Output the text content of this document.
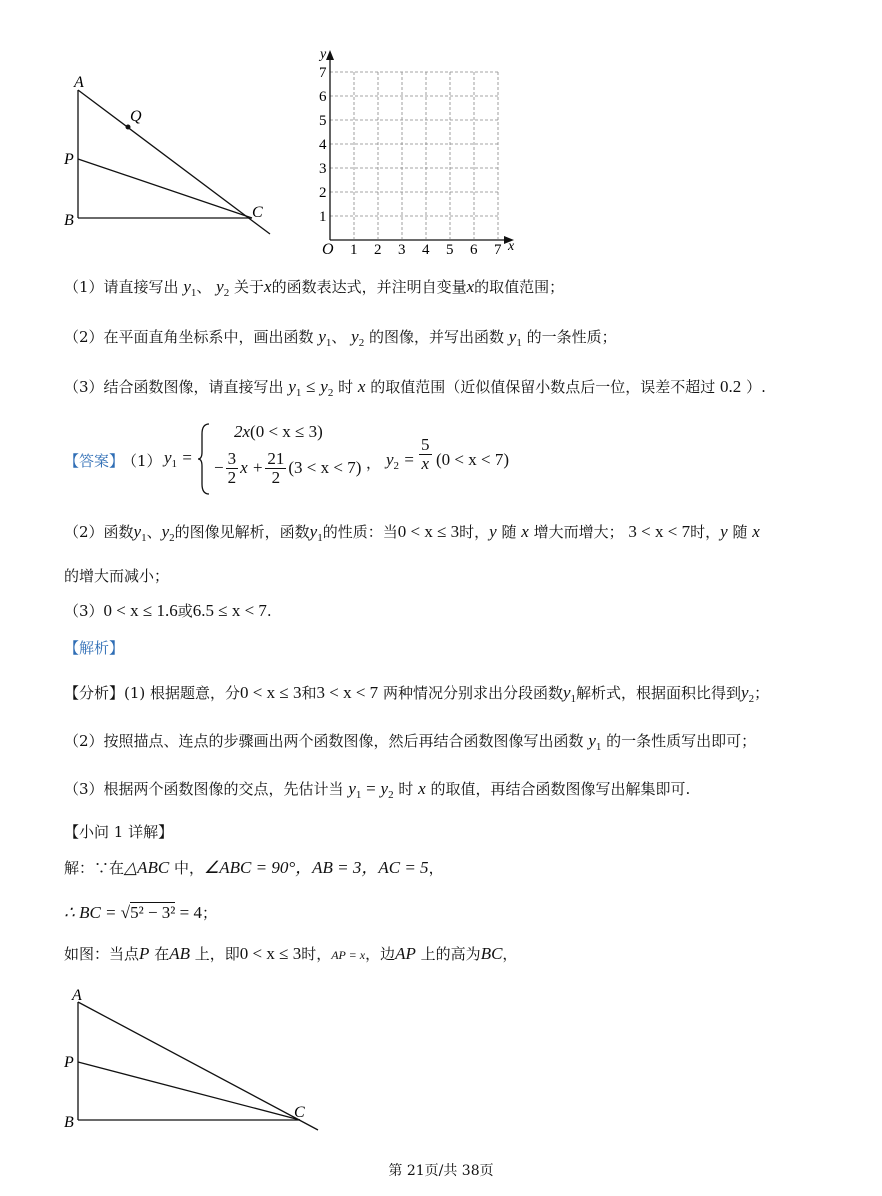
A
Q
P
B	C
y
x
O 1 2 3 4 5 6 7
1
2
3
4
5
6
7
（1）请直接写出 $y_1$、 $y_2$ 关于x的函数表达式，并注明自变量x的取值范围；
（2）在平面直角坐标系中，画出函数 $y_1$、 $y_2$ 的图像，并写出函数 $y_1$ 的一条性质；
（3）结合函数图像，请直接写出 $y_1 \le y_2$ 时 x 的取值范围（近似值保留小数点后一位，误差不超过 0.2 ）.
【答案】
（1） $y_1$ =
2x(0 < x ≤ 3)
− $\frac{3}{2}$ $x + \frac{21}{2} (3 < x < 7)$ ， $y_2 = \frac{5}{x} (0 < x < 7)$
（2）函数$y_1$、$y_2$的图像见解析，函数$y_1$的性质：当0 < x ≤ 3时，y 随 x 增大而增大； 3 < x < 7时，y 随 x
的增大而减小；
（3）0 < x ≤ 1.6或6.5 ≤ x < 7.
【解析】
【分析】(1) 根据题意，分0 < x ≤ 3和3 < x < 7 两种情况分别求出分段函数$y_1$解析式，根据面积比得到$y_2$；
（2）按照描点、连点的步骤画出两个函数图像，然后再结合函数图像写出函数 $y_1$ 的一条性质写出即可；
（3）根据两个函数图像的交点，先估计当 $y_1 = y_2$ 时 x 的取值，再结合函数图像写出解集即可.
【小问 1 详解】
解：∵在△ABC 中，∠ABC = 90°，AB = 3，AC = 5，
∴ BC = √5² − 3² = 4；
如图：当点P 在AB 上，即0 < x ≤ 3时，AP = x，边AP 上的高为BC，
A
P
B
C
第 21页/共 38页
